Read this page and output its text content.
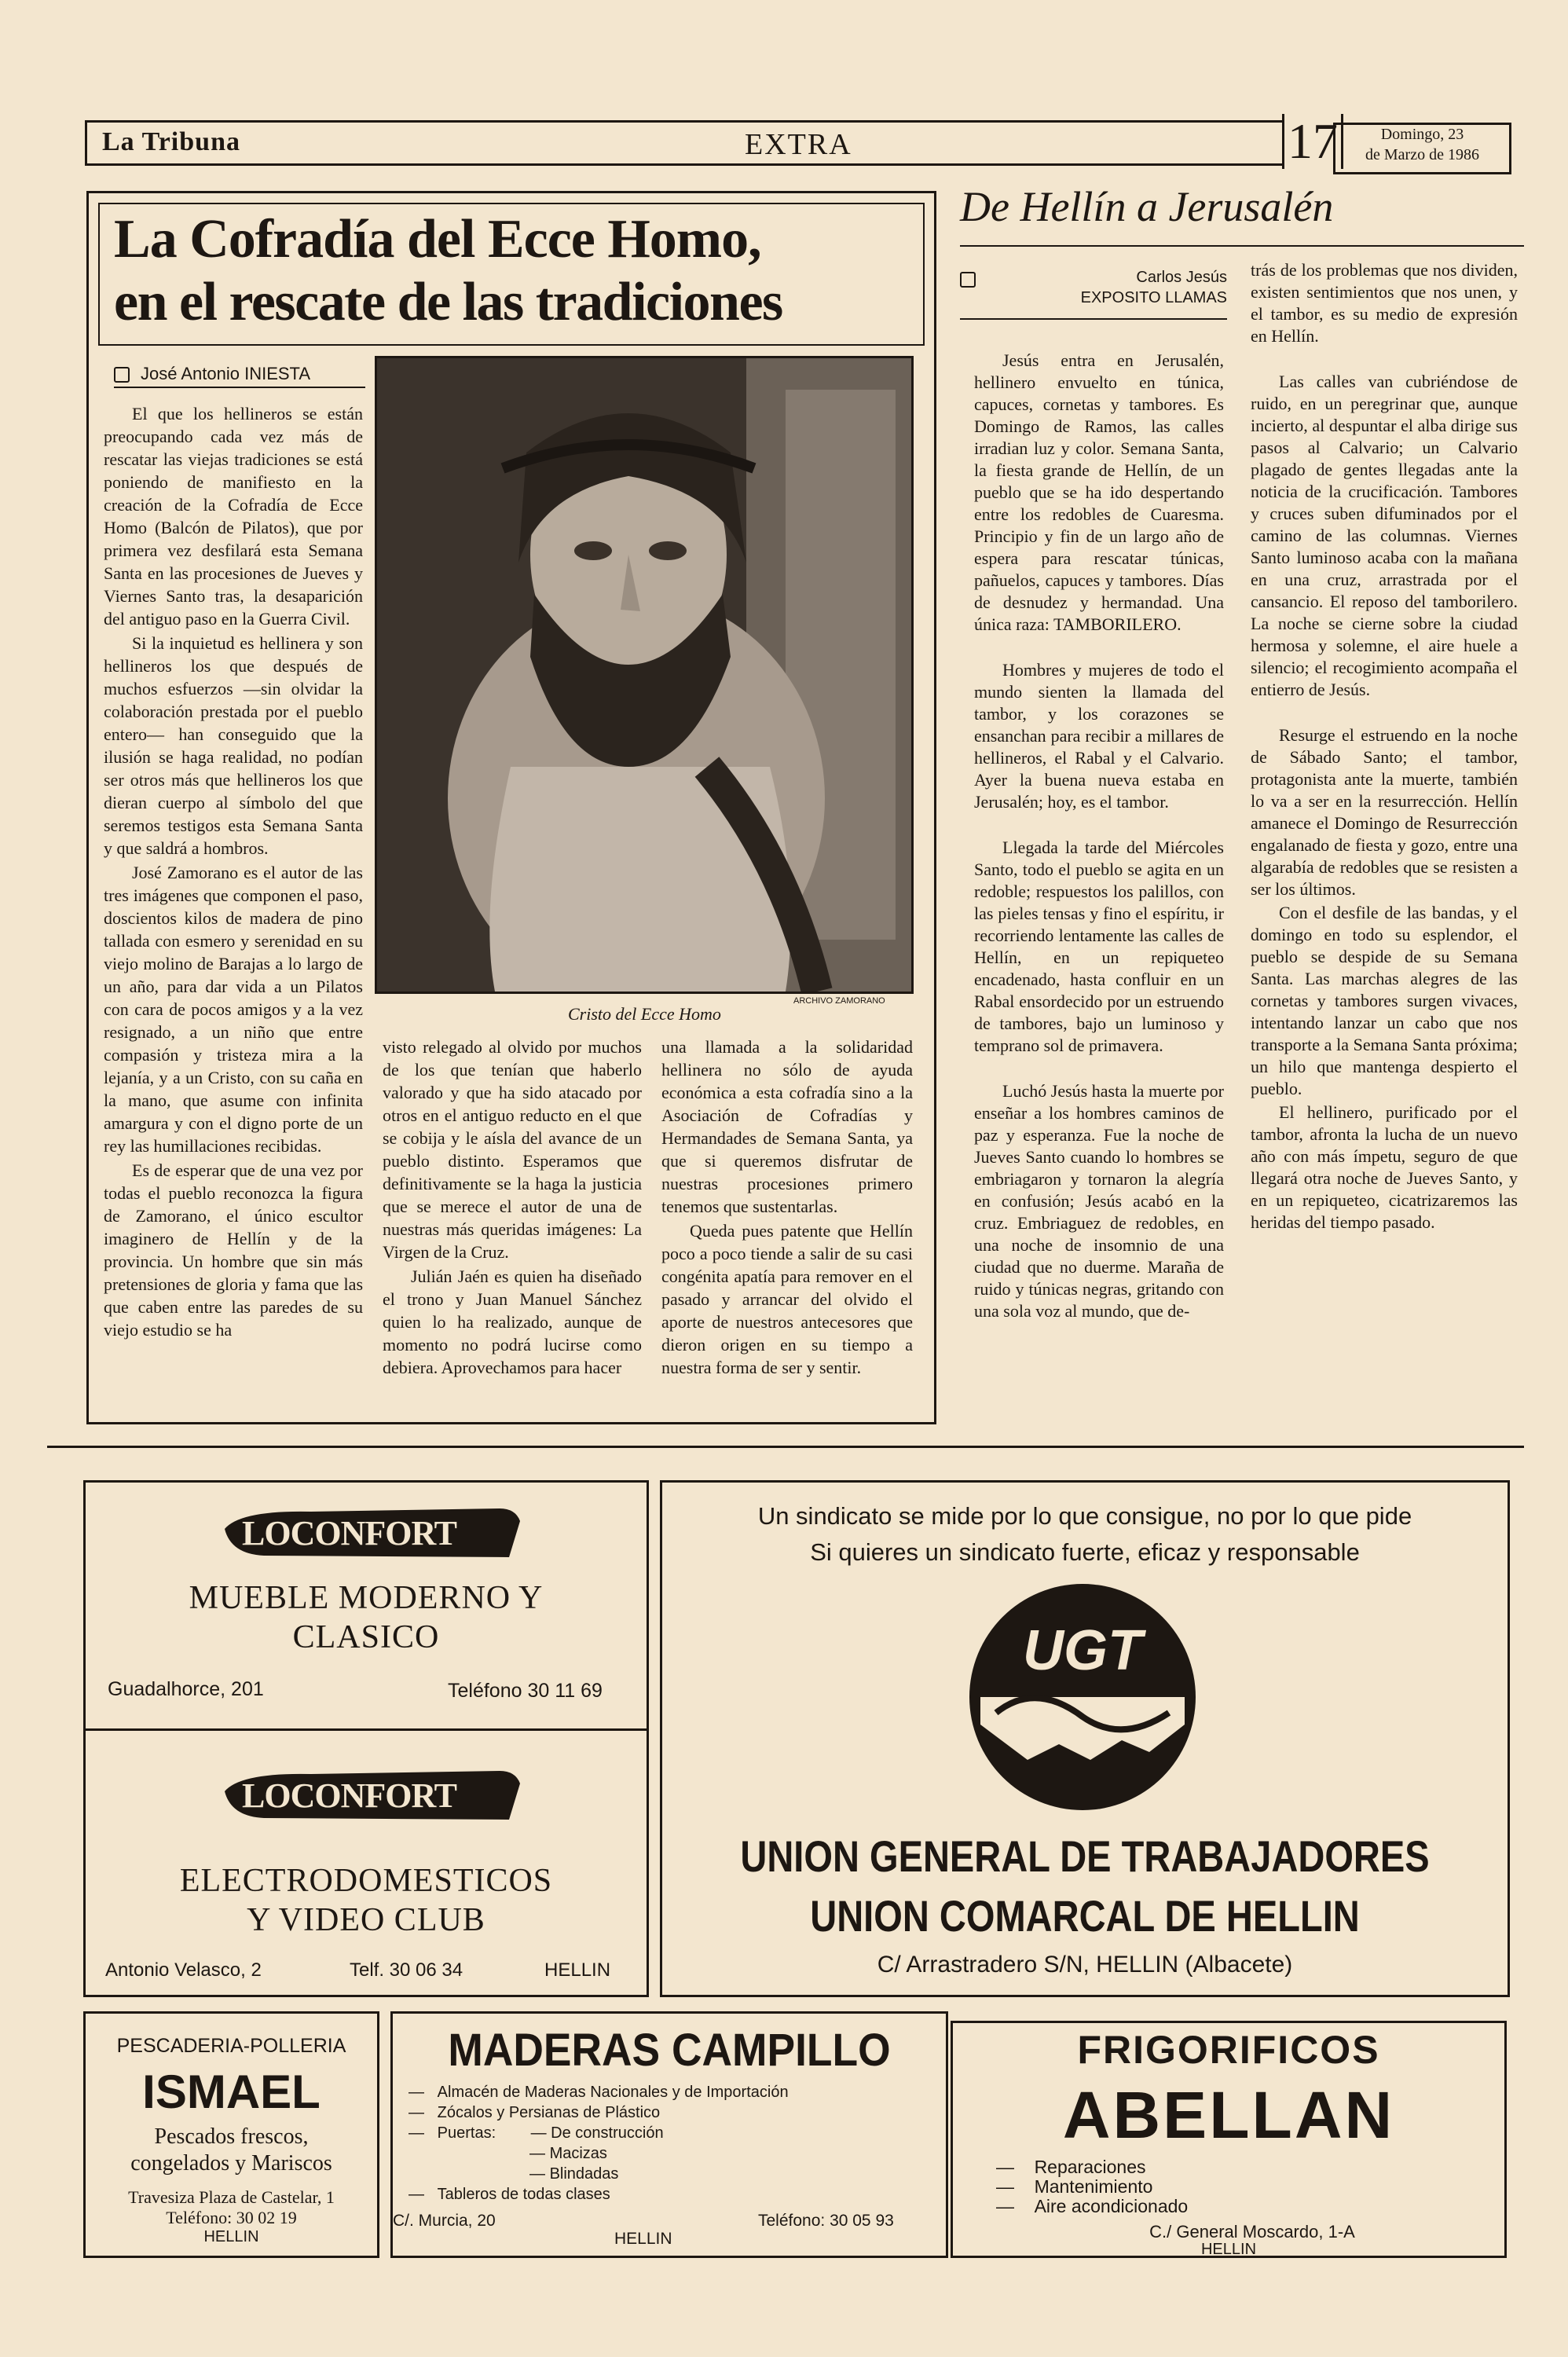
La Tribuna	EXTRA	17	Domingo, 23
de Marzo de 1986
La Cofradía del Ecce Homo,
en el rescate de las tradiciones
José Antonio INIESTA
Cristo del Ecce Homo
ARCHIVO ZAMORANO

El que los hellineros se están preocupando cada vez más de rescatar las viejas tradiciones se está poniendo de manifiesto en la creación de la Cofradía de Ecce Homo (Balcón de Pilatos), que por primera vez desfilará esta Semana Santa en las procesiones de Jueves y Viernes Santo tras, la desaparición del antiguo paso en la Guerra Civil.

Si la inquietud es hellinera y son hellineros los que después de muchos esfuerzos —sin olvidar la colaboración prestada por el pueblo entero— han conseguido que la ilusión se haga realidad, no podían ser otros más que hellineros los que dieran cuerpo al símbolo del que seremos testigos esta Semana Santa y que saldrá a hombros.

José Zamorano es el autor de las tres imágenes que componen el paso, doscientos kilos de madera de pino tallada con esmero y serenidad en su viejo molino de Barajas a lo largo de un año, para dar vida a un Pilatos con cara de pocos amigos y a la vez resignado, a un niño que entre compasión y tristeza mira a la lejanía, y a un Cristo, con su caña en la mano, que asume con infinita amargura y con el digno porte de un rey las humillaciones recibidas.

Es de esperar que de una vez por todas el pueblo reconozca la figura de Zamorano, el único escultor imaginero de Hellín y de la provincia. Un hombre que sin más pretensiones de gloria y fama que las que caben entre las paredes de su viejo estudio se ha

visto relegado al olvido por muchos de los que tenían que haberlo valorado y que ha sido atacado por otros en el antiguo reducto en el que se cobija y le aísla del avance de un pueblo distinto. Esperamos que definitivamente se la haga la justicia que se merece el autor de una de nuestras más queridas imágenes: La Virgen de la Cruz.

Julián Jaén es quien ha diseñado el trono y Juan Manuel Sánchez quien lo ha realizado, aunque de momento no podrá lucirse como debiera. Aprovechamos para hacer

una llamada a la solidaridad hellinera no sólo de ayuda económica a esta cofradía sino a la Asociación de Cofradías y Hermandades de Semana Santa, ya que si queremos disfrutar de nuestras procesiones primero tenemos que sustentarlas.

Queda pues patente que Hellín poco a poco tiende a salir de su casi congénita apatía para remover en el pasado y arrancar del olvido el aporte de nuestros antecesores que dieron origen en su tiempo a nuestra forma de ser y sentir.

De Hellín a Jerusalén
Carlos Jesús
EXPOSITO LLAMAS

Jesús entra en Jerusalén, hellinero envuelto en túnica, capuces, cornetas y tambores. Es Domingo de Ramos, las calles irradian luz y color. Semana Santa, la fiesta grande de Hellín, de un pueblo que se ha ido despertando entre los redobles de Cuaresma. Principio y fin de un largo año de espera para rescatar túnicas, pañuelos, capuces y tambores. Días de desnudez y hermandad. Una única raza: TAMBORILERO.

Hombres y mujeres de todo el mundo sienten la llamada del tambor, y los corazones se ensanchan para recibir a millares de hellineros, el Rabal y el Calvario. Ayer la buena nueva estaba en Jerusalén; hoy, es el tambor.

Llegada la tarde del Miércoles Santo, todo el pueblo se agita en un redoble; respuestos los palillos, con las pieles tensas y fino el espíritu, ir recorriendo lentamente las calles de Hellín, en un repiqueteo encadenado, hasta confluir en un Rabal ensordecido por un estruendo de tambores, bajo un luminoso y temprano sol de primavera.

Luchó Jesús hasta la muerte por enseñar a los hombres caminos de paz y esperanza. Fue la noche de Jueves Santo cuando lo hombres se embriagaron y tornaron la alegría en confusión; Jesús acabó en la cruz. Embriaguez de redobles, en una noche de insomnio de una ciudad que no duerme. Maraña de ruido y túnicas negras, gritando con una sola voz al mundo, que de-

trás de los problemas que nos dividen, existen sentimientos que nos unen, y el tambor, es su medio de expresión en Hellín.

Las calles van cubriéndose de ruido, en un peregrinar que, aunque incierto, al despuntar el alba dirige sus pasos al Calvario; un Calvario plagado de gentes llegadas ante la noticia de la crucificación. Tambores y cruces suben difuminados por el camino de las columnas. Viernes Santo luminoso acaba con la mañana en una cruz, arrastrada por el cansancio. El reposo del tamborilero. La noche se cierne sobre la ciudad hermosa y solemne, el aire huele a silencio; el recogimiento acompaña el entierro de Jesús.

Resurge el estruendo en la noche de Sábado Santo; el tambor, protagonista ante la muerte, también lo va a ser en la resurrección. Hellín amanece el Domingo de Resurrección engalanado de fiesta y gozo, entre una algarabía de redobles que se resisten a ser los últimos.

Con el desfile de las bandas, y el domingo en todo su esplendor, el pueblo se despide de su Semana Santa. Las marchas alegres de las cornetas y tambores surgen vivaces, intentando lanzar un cabo que nos transporte a la Semana Santa próxima; un hilo que mantenga despierto el pueblo.

El hellinero, purificado por el tambor, afronta la lucha de un nuevo año con más ímpetu, seguro de que llegará otra noche de Jueves Santo, y en un repiqueteo, cicatrizaremos las heridas del tiempo pasado.

LOCONFORT
MUEBLE MODERNO Y
CLASICO
Guadalhorce, 201	Teléfono 30 11 69
LOCONFORT
ELECTRODOMESTICOS
Y VIDEO CLUB
Antonio Velasco, 2	Telf. 30 06 34	HELLIN
Un sindicato se mide por lo que consigue, no por lo que pide
Si quieres un sindicato fuerte, eficaz y responsable
UGT
UNION GENERAL DE TRABAJADORES
UNION COMARCAL DE HELLIN
C/ Arrastradero S/N, HELLIN (Albacete)
PESCADERIA-POLLERIA
ISMAEL
Pescados frescos,
congelados y Mariscos
Travesiza Plaza de Castelar, 1
Teléfono: 30 02 19
HELLIN
MADERAS CAMPILLO
—   Almacén de Maderas Nacionales y de Importación
—   Zócalos y Persianas de Plástico
—   Puertas:        — De construcción
— Macizas
— Blindadas
—   Tableros de todas clases
C/. Murcia, 20	Teléfono: 30 05 93
HELLIN
FRIGORIFICOS
ABELLAN
—    Reparaciones
—    Mantenimiento
—    Aire acondicionado
C./ General Moscardo, 1-A
HELLIN
